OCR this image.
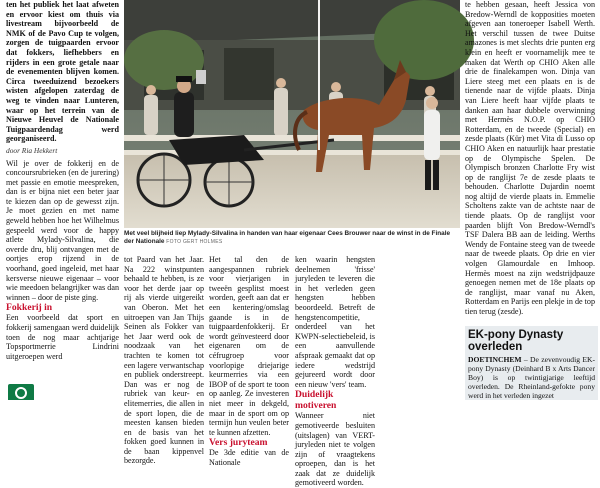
ten het publiek het laat afweten en ervoor kiest om thuis via livestream bijvoorbeeld de NMK of de Pavo Cup te volgen, zorgen de tuigpaarden ervoor dat fokkers, liefhebbers en rijders in een grote getale naar de evenementen blijven komen. Circa tweeduizend bezoekers wisten afgelopen zaterdag de weg te vinden naar Lunteren, waar op het terrein van de Nieuwe Heuvel de Nationale Tuigpaardendag werd georganiseerd.

door Ria Hekkert

Wil je over de fokkerij en de concoursrubrieken (en de jurering) met passie en emotie meespreken, dan is er bijna niet een beter jaar te kiezen dan op de gewesst zijn. Je moet gezien en met name geweld hebben hoe het Wilhelmus gespeeld werd voor de happy atlete Mylady-Silvalina, die overde dru, blij ontvangen met de oortjes erop rijzend in de voorhand, goed ingeleid, met haar kersverse nieuwe eigenaar – voor wie meedoen belangrijker was dan winnen – door de piste ging.

Fokkerij in

Een voorbeeld dat sport en fokkerij samengaan werd duidelijk toen de nog maar achtjarige Topsportmerrie Lindrini uitgeroepen werd

Met veel blijheid liep Mylady-Silvalina in handen van haar eigenaar Cees Brouwer naar de winst in de Finale der Nationale FOTO GERT HOLMES

tot Paard van het Jaar. Na 222 winstpunten behaald te hebben, is ze voor het derde jaar op rij als vierde uitgereikt van Oberon. Met het uitroepen van Jan Thijs Seinen als Fokker van het Jaar werd ook de noodzaak van het trachten te komen tot een lagere verwantschap en publiek onderstreept. Dan was er nog de rubriek van keur- en elitemerries, die allen in de sport lopen, die de meesten kansen bieden en de basis van het fokken goed kunnen in de baan kippenvel bezorgde.

Het tal den de aangespannen rubriek voor vierjarigen in tweeën gesplitst moest worden, geeft aan dat er een kentering/omslag gaande is in de tuigpaardenfokkerij. Er wordt geïnvesteerd door eigenaren om de céfrugroep voor voorlopige driejarige keurmerries via een IBOP of de sport te toon op aanleg. Ze investeren niet meer in dekgeld, maar in de sport om op termijn hun veulen beter te kunnen afzetten.

Vers juryteam

De 3de editie van de Nationale

ken waarin hengsten deelnemen 'frisse' juryleden te leveren die in het verleden geen hengsten hebben beoordeeld. Betreft de hengstencompetitie, onderdeel van het KWPN-selectiebeleid, is een aanvullende afspraak gemaakt dat op iedere wedstrijd gejureerd wordt door een nieuw 'vers' team.

Duidelijk motiveren

Wanneer niet gemotiveerde besluiten (uitslagen) van VERT-juryleden niet te volgen zijn of vraagtekens oproepen, dan is het zaak dat ze duidelijk gemotiveerd worden.

te hebben gesaan, heeft Jessica von Bredow-Werndl de kopposities moeten afgeven aan toneroeper Isabell Werth. Het verschil tussen de twee Duitse amazones is met slechts drie punten erg klein en heeft er voornamelijk mee te maken dat Werth op CHIO Aken alle drie de finalekampen won. Dinja van Liere steeg met een plaats en is de tienende naar de vijfde plaats. Dinja van Liere heeft haar vijfde plaats te danken aan haar dubbele overwinning met Hermès N.O.P. op CHIO Rotterdam, en de tweede (Special) en zesde plaats (Kür) met Vita di Lusso op CHIO Aken en natuurlijk haar prestatie op de Olympische Spelen. De Olympisch bronzen Charlotte Fry wist op de ranglijst 7e de zesde plaats te behouden. Charlotte Dujardin noemt nog altijd de vierde plaats in. Emmelie Scholtens zakte van de achtste naar de tiende plaats. Op de ranglijst voor paarden blijft Von Bredow-Werndl's TSF Dalera BB aan de leiding. Werths Wendy de Fontaine steeg van de tweede naar de tweede plaats. Op drie en vier volgen Glamourdale en Imhoop. Hermès moest na zijn wedstrijdpauze genoegen nemen met de 18e plaats op de ranglijst, maar vanaf nu Aken, Rotterdam en Parijs een plekje in de top tien terug (zesde).

EK-pony Dynasty overleden
DOETINCHEM – De zevenvoudig EK-pony Dynasty (Deinhard B x Arts Dancer Boy) is op twintigjarige leeftijd overleden. De Rheinland-gefokte pony werd in het verleden ingezet
